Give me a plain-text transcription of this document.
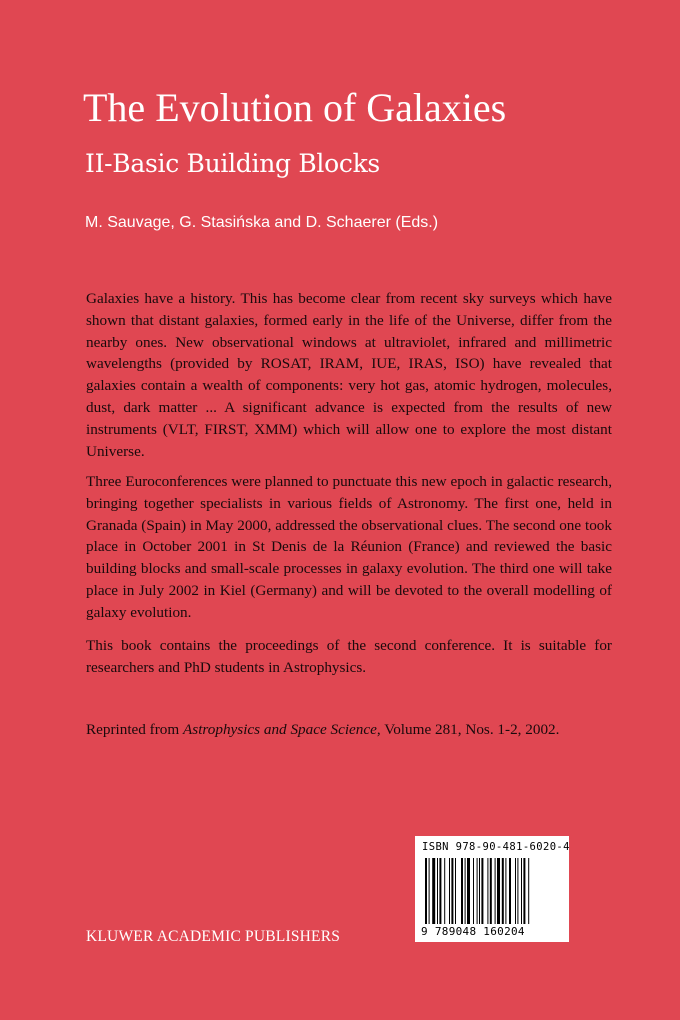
The Evolution of Galaxies
II-Basic Building Blocks
M. Sauvage, G. Stasińska and D. Schaerer (Eds.)

Galaxies have a history. This has become clear from recent sky surveys which have shown that distant galaxies, formed early in the life of the Universe, differ from the nearby ones. New observational windows at ultraviolet, infrared and millimetric wavelengths (provided by ROSAT, IRAM, IUE, IRAS, ISO) have revealed that galaxies contain a wealth of components: very hot gas, atomic hydrogen, molecules, dust, dark matter ... A significant advance is expected from the results of new instruments (VLT, FIRST, XMM) which will allow one to explore the most distant Universe.

Three Euroconferences were planned to punctuate this new epoch in galactic research, bringing together specialists in various fields of Astronomy. The first one, held in Granada (Spain) in May 2000, addressed the observational clues. The second one took place in October 2001 in St Denis de la Réunion (France) and reviewed the basic building blocks and small-scale processes in galaxy evolution. The third one will take place in July 2002 in Kiel (Germany) and will be devoted to the overall modelling of galaxy evolution.

This book contains the proceedings of the second conference. It is suitable for researchers and PhD students in Astrophysics.

Reprinted from Astrophysics and Space Science, Volume 281, Nos. 1-2, 2002.

ISBN 978-90-481-6020-4
9 789048 160204
KLUWER ACADEMIC PUBLISHERS
